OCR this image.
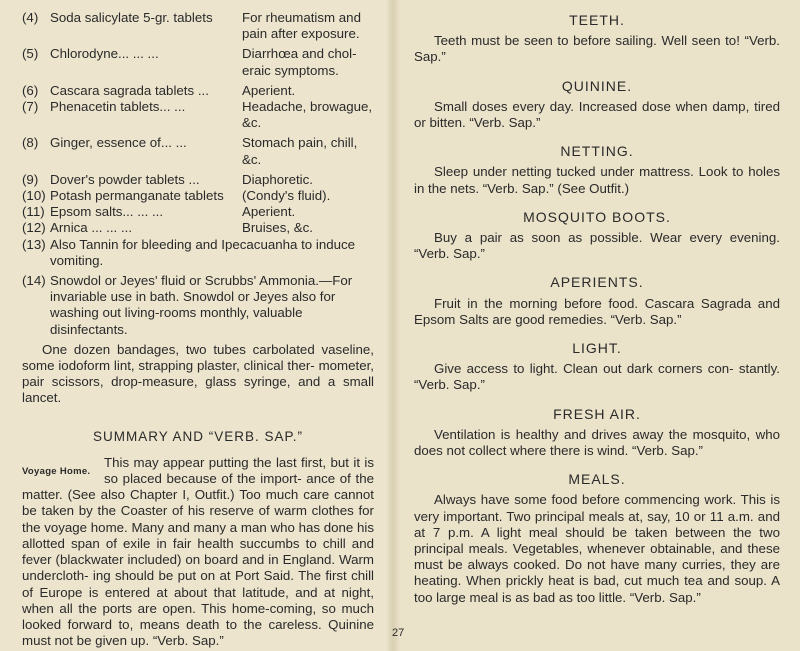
(4) Soda salicylate 5-gr. tablets	For rheumatism and pain after exposure.
(5) Chlorodyne... ... ...	Diarrhœa and chol- eraic symptoms.
(6) Cascara sagrada tablets ...	Aperient.
(7) Phenacetin tablets... ...	Headache, browague, &c.
(8) Ginger, essence of... ...	Stomach pain, chill, &c.
(9) Dover's powder tablets ...	Diaphoretic.
(10) Potash permanganate tablets	(Condy's fluid).
(11) Epsom salts... ... ...	Aperient.
(12) Arnica ... ... ...	Bruises, &c.
(13) Also Tannin for bleeding and Ipecacuanha to induce vomiting.
(14) Snowdol or Jeyes' fluid or Scrubbs' Ammonia.—For invariable use in bath. Snowdol or Jeyes also for washing out living-rooms monthly, valuable disinfectants.

One dozen bandages, two tubes carbolated vaseline, some iodoform lint, strapping plaster, clinical ther- mometer, pair scissors, drop-measure, glass syringe, and a small lancet.

SUMMARY AND “VERB. SAP.”
Voyage Home.

This may appear putting the last first, but it is so placed because of the import- ance of the matter. (See also Chapter I, Outfit.) Too much care cannot be taken by the Coaster of his reserve of warm clothes for the voyage home. Many and many a man who has done his allotted span of exile in fair health succumbs to chill and fever (blackwater included) on board and in England. Warm undercloth- ing should be put on at Port Said. The first chill of Europe is entered at about that latitude, and at night, when all the ports are open. This home-coming, so much looked forward to, means death to the careless. Quinine must not be given up. “Verb. Sap.”

TEETH.

Teeth must be seen to before sailing. Well seen to! “Verb. Sap.”

QUININE.

Small doses every day. Increased dose when damp, tired or bitten. “Verb. Sap.”

NETTING.

Sleep under netting tucked under mattress. Look to holes in the nets. “Verb. Sap.” (See Outfit.)

MOSQUITO BOOTS.

Buy a pair as soon as possible. Wear every evening. “Verb. Sap.”

APERIENTS.

Fruit in the morning before food. Cascara Sagrada and Epsom Salts are good remedies. “Verb. Sap.”

LIGHT.

Give access to light. Clean out dark corners con- stantly. “Verb. Sap.”

FRESH AIR.

Ventilation is healthy and drives away the mosquito, who does not collect where there is wind. “Verb. Sap.”

MEALS.

Always have some food before commencing work. This is very important. Two principal meals at, say, 10 or 11 a.m. and at 7 p.m. A light meal should be taken between the two principal meals. Vegetables, whenever obtainable, and these must be always cooked. Do not have many curries, they are heating. When prickly heat is bad, cut much tea and soup. A too large meal is as bad as too little. “Verb. Sap.”

27
